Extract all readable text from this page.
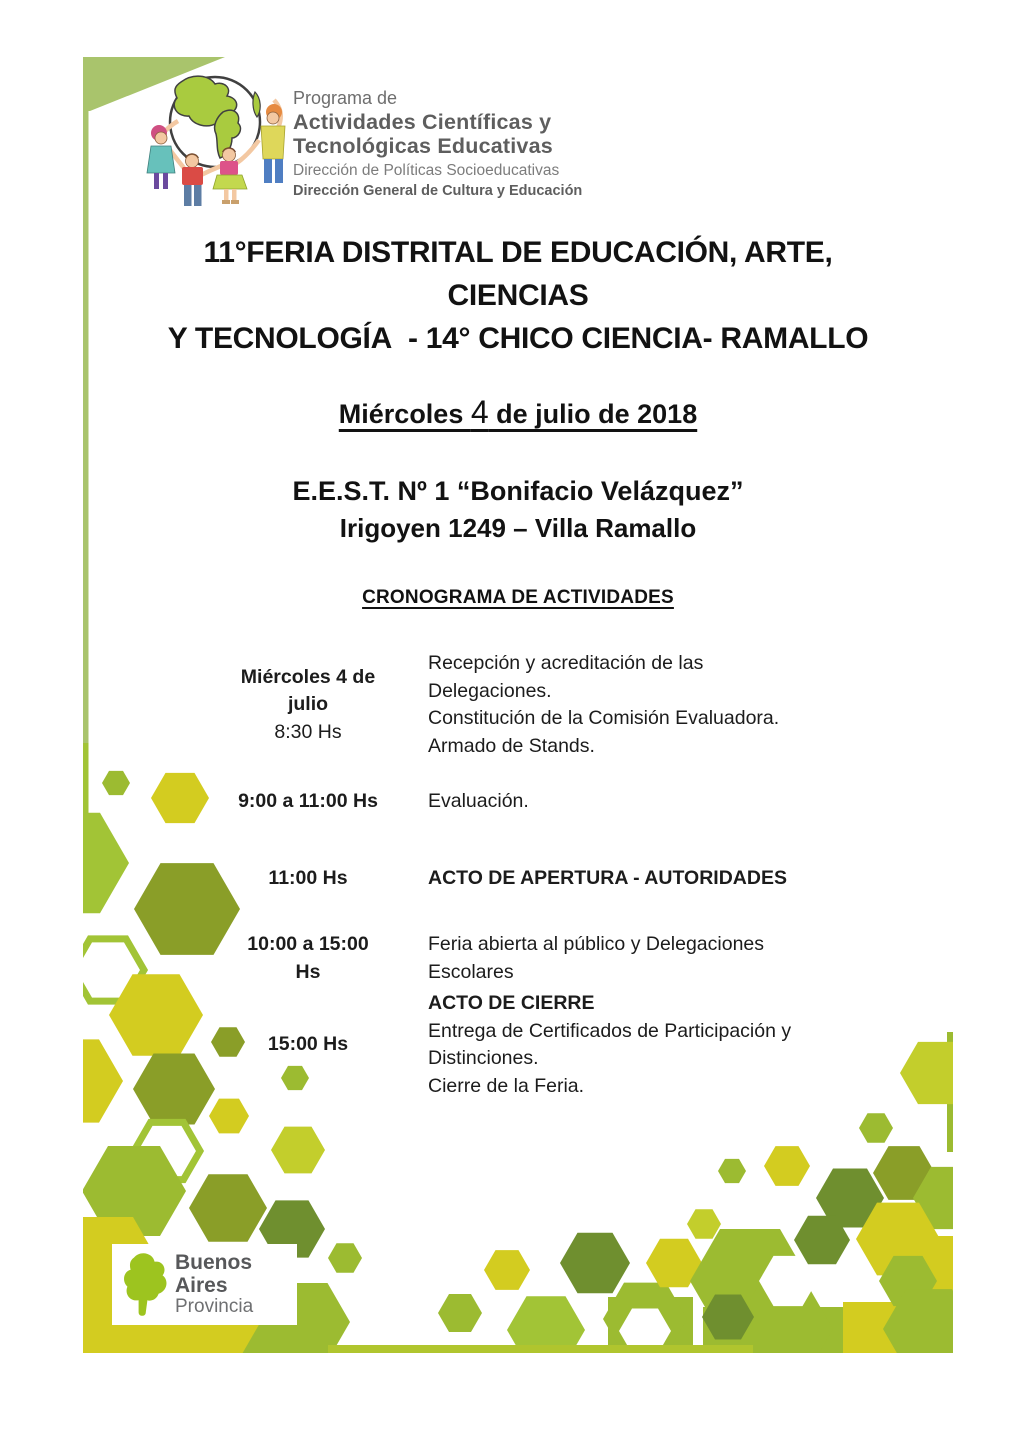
Programa de
Actividades Científicas y
Tecnológicas Educativas
Dirección de Políticas Socioeducativas
Dirección General de Cultura y Educación
11°FERIA DISTRITAL DE EDUCACIÓN, ARTE,
CIENCIAS
Y TECNOLOGÍA  - 14° CHICO CIENCIA- RAMALLO
Miércoles 4 de julio de 2018
E.E.S.T. Nº 1 “Bonifacio Velázquez”
Irigoyen 1249 – Villa Ramallo
CRONOGRAMA DE ACTIVIDADES
Miércoles 4 de julio
8:30 Hs
Recepción y acreditación de las
Delegaciones.
Constitución de la Comisión Evaluadora.
Armado de Stands.
9:00 a 11:00 Hs	Evaluación.
11:00 Hs	ACTO DE APERTURA - AUTORIDADES
10:00 a 15:00 Hs
Feria abierta al público y Delegaciones
Escolares
15:00 Hs
ACTO DE CIERRE
Entrega de Certificados de Participación y
Distinciones.
Cierre de la Feria.
Buenos Aires
Provincia
